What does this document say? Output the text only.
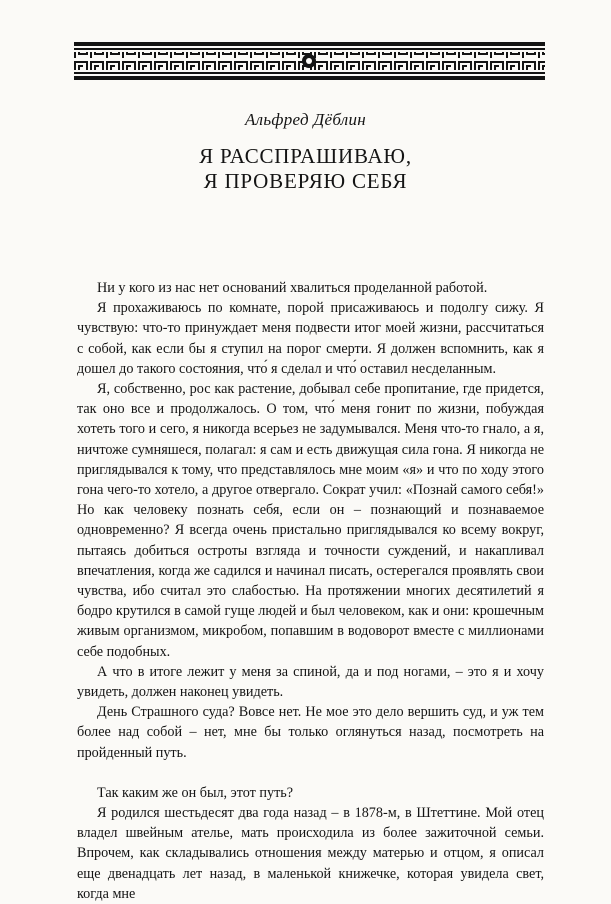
Альфред Дёблин
Я РАССПРАШИВАЮ,
Я ПРОВЕРЯЮ СЕБЯ

Ни у кого из нас нет оснований хвалиться проделанной работой.

Я прохаживаюсь по комнате, порой присаживаюсь и подолгу сижу. Я чувствую: что-то принуждает меня подвести итог моей жизни, рассчитаться с собой, как если бы я ступил на порог смерти. Я должен вспомнить, как я дошел до такого состояния, что́ я сделал и что́ оставил несделанным.

Я, собственно, рос как растение, добывал себе пропитание, где придется, так оно все и продолжалось. О том, что́ меня гонит по жизни, побуждая хотеть того и сего, я никогда всерьез не задумывался. Меня что-то гнало, а я, ничтоже сумняшеся, полагал: я сам и есть движущая сила гона. Я никогда не приглядывался к тому, что представлялось мне моим «я» и что по ходу этого гона чего-то хотело, а другое отвергало. Сократ учил: «Познай самого себя!» Но как человеку познать себя, если он – познающий и познаваемое одновременно? Я всегда очень пристально приглядывался ко всему вокруг, пытаясь добиться остроты взгляда и точности суждений, и накапливал впечатления, когда же садился и начинал писать, остерегался проявлять свои чувства, ибо считал это слабостью. На протяжении многих десятилетий я бодро крутился в самой гуще людей и был человеком, как и они: крошечным живым организмом, микробом, попавшим в водоворот вместе с миллионами себе подобных.

А что в итоге лежит у меня за спиной, да и под ногами, – это я и хочу увидеть, должен наконец увидеть.

День Страшного суда? Вовсе нет. Не мое это дело вершить суд, и уж тем более над собой – нет, мне бы только оглянуться назад, посмотреть на пройденный путь.

Так каким же он был, этот путь?

Я родился шестьдесят два года назад – в 1878-м, в Штеттине. Мой отец владел швейным ателье, мать происходила из более зажиточной семьи. Впрочем, как складывались отношения между матерью и отцом, я описал еще двенадцать лет назад, в маленькой книжечке, которая увидела свет, когда мне
